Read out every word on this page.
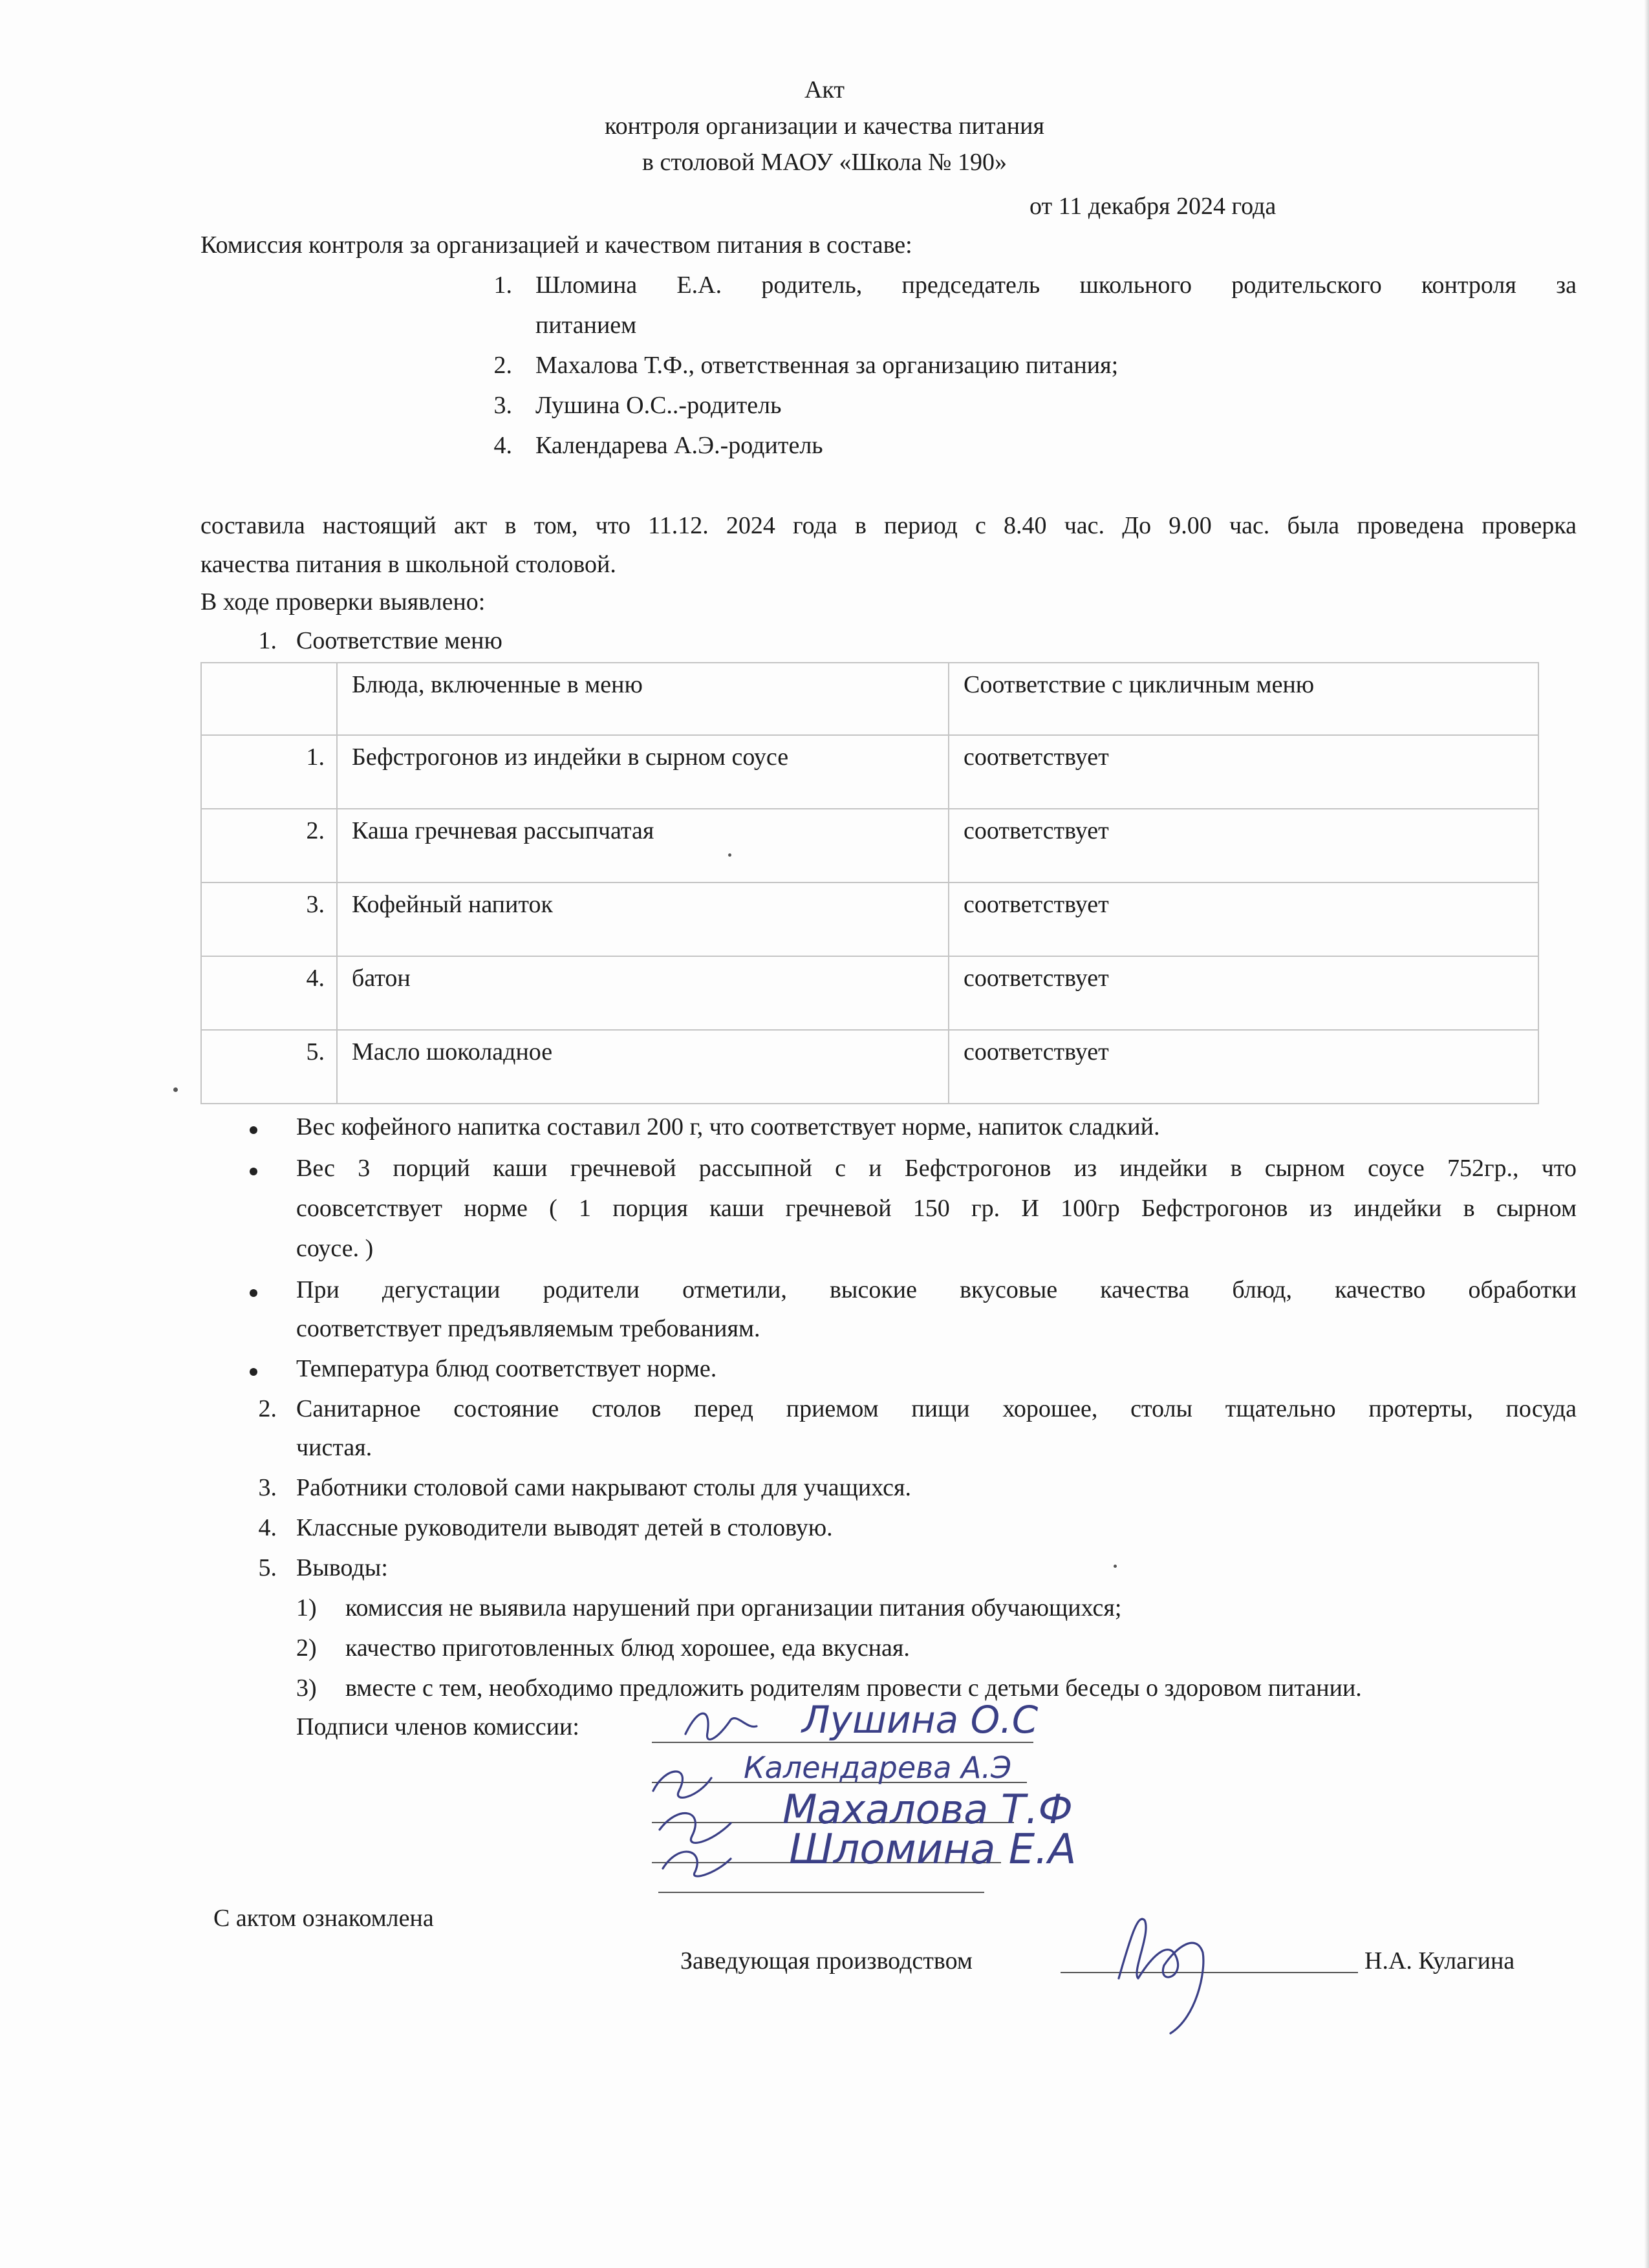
Акт
контроля организации и качества питания
в столовой МАОУ «Школа № 190»
от 11 декабря 2024 года
Комиссия контроля за организацией и качеством питания в составе:
1. Шломина Е.А. родитель, председатель школьного родительского контроля за
питанием
2. Махалова Т.Ф., ответственная за организацию питания;
3. Лушина О.С..-родитель
4. Календарева А.Э.-родитель
составила настоящий акт в том, что 11.12. 2024 года в период с 8.40 час. До 9.00 час. была проведена проверка
качества питания в школьной столовой.
В ходе проверки выявлено:
1. Соответствие меню
	Блюда, включенные в меню	Соответствие с цикличным меню
1.	Бефстрогонов из индейки в сырном соусе	соответствует
2.	Каша гречневая рассыпчатая	соответствует
3.	Кофейный напиток	соответствует
4.	батон	соответствует
5.	Масло шоколадное	соответствует
Вес кофейного напитка составил 200 г, что соответствует норме, напиток сладкий.
Вес 3 порций каши гречневой рассыпной с и Бефстрогонов из индейки в сырном соусе 752гр., что
соовсетствует норме ( 1 порция каши гречневой 150 гр. И 100гр Бефстрогонов из индейки в сырном
соусе. )
При дегустации родители отметили, высокие вкусовые качества блюд, качество обработки
соответствует предъявляемым требованиям.
Температура блюд соответствует норме.
2. Санитарное состояние столов перед приемом пищи хорошее, столы тщательно протерты, посуда
чистая.
3. Работники столовой сами накрывают столы для учащихся.
4. Классные руководители выводят детей в столовую.
5. Выводы:
1) комиссия не выявила нарушений при организации питания обучающихся;
2) качество приготовленных блюд хорошее, еда вкусная.
3) вместе с тем, необходимо предложить родителям провести с детьми беседы о здоровом питании.
Подписи членов комиссии:	Лушина О.С
Календарева А.Э
Махалова Т.Ф
Шломина Е.А
С актом ознакомлена
Заведующая производством	Н.А. Кулагина
